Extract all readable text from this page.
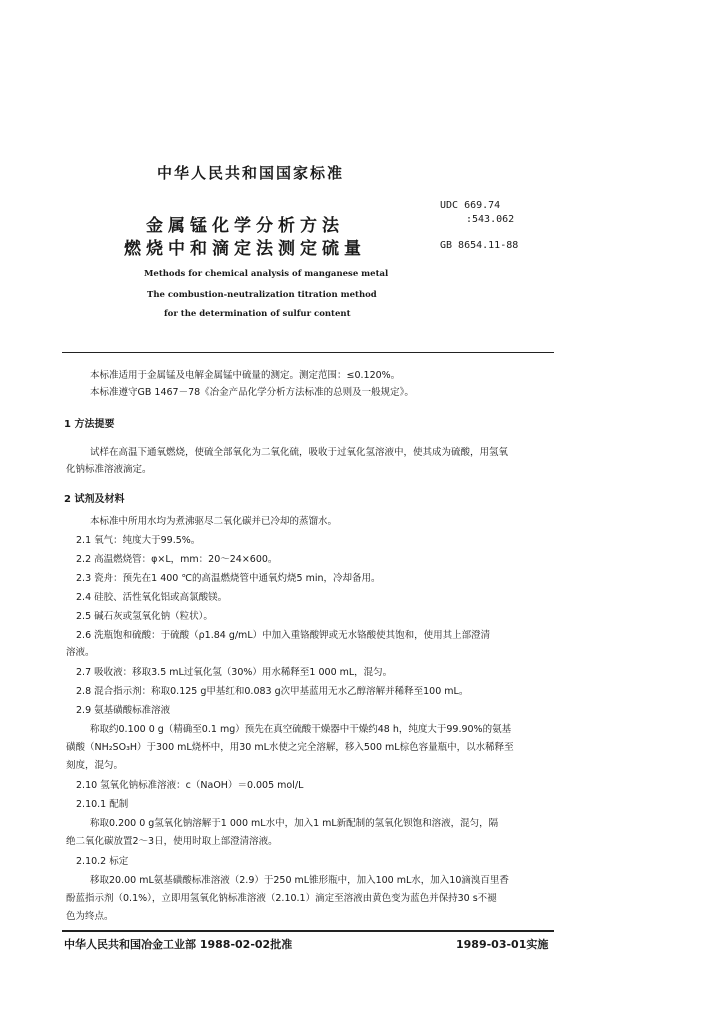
中华人民共和国国家标准
金属锰化学分析方法
燃烧中和滴定法测定硫量
UDC 669.74
:543.062
GB 8654.11-88
Methods for chemical analysis of manganese metal
The combustion-neutralization titration method
for the determination of sulfur content
本标准适用于金属锰及电解金属锰中硫量的测定。测定范围：≤0.120%。
本标准遵守GB 1467－78《冶金产品化学分析方法标准的总则及一般规定》。
1 方法提要
试样在高温下通氧燃烧，使硫全部氧化为二氧化硫，吸收于过氧化氢溶液中，使其成为硫酸，用氢氧
化钠标准溶液滴定。
2 试剂及材料
本标准中所用水均为煮沸驱尽二氧化碳并已冷却的蒸馏水。
2.1 氧气：纯度大于99.5%。
2.2 高温燃烧管：φ×L，mm：20～24×600。
2.3 瓷舟：预先在1 400 ℃的高温燃烧管中通氧灼烧5 min，冷却备用。
2.4 硅胶、活性氧化铝或高氯酸镁。
2.5 碱石灰或氢氧化钠（粒状）。
2.6 洗瓶饱和硫酸：于硫酸（ρ1.84 g/mL）中加入重铬酸钾或无水铬酸使其饱和，使用其上部澄清
溶液。
2.7 吸收液：移取3.5 mL过氧化氢（30%）用水稀释至1 000 mL，混匀。
2.8 混合指示剂：称取0.125 g甲基红和0.083 g次甲基蓝用无水乙醇溶解并稀释至100 mL。
2.9 氨基磺酸标准溶液
称取约0.100 0 g（精确至0.1 mg）预先在真空硫酸干燥器中干燥约48 h，纯度大于99.90%的氨基
磺酸（NH₂SO₃H）于300 mL烧杯中，用30 mL水使之完全溶解，移入500 mL棕色容量瓶中，以水稀释至
刻度，混匀。
2.10 氢氧化钠标准溶液：c（NaOH）＝0.005 mol/L
2.10.1 配制
称取0.200 0 g氢氧化钠溶解于1 000 mL水中，加入1 mL新配制的氢氧化钡饱和溶液，混匀，隔
绝二氧化碳放置2～3日，使用时取上部澄清溶液。
2.10.2 标定
移取20.00 mL氨基磺酸标准溶液（2.9）于250 mL锥形瓶中，加入100 mL水，加入10滴溴百里香
酚蓝指示剂（0.1%），立即用氢氧化钠标准溶液（2.10.1）滴定至溶液由黄色变为蓝色并保持30 s不褪
色为终点。
中华人民共和国冶金工业部 1988-02-02批准	1989-03-01实施
